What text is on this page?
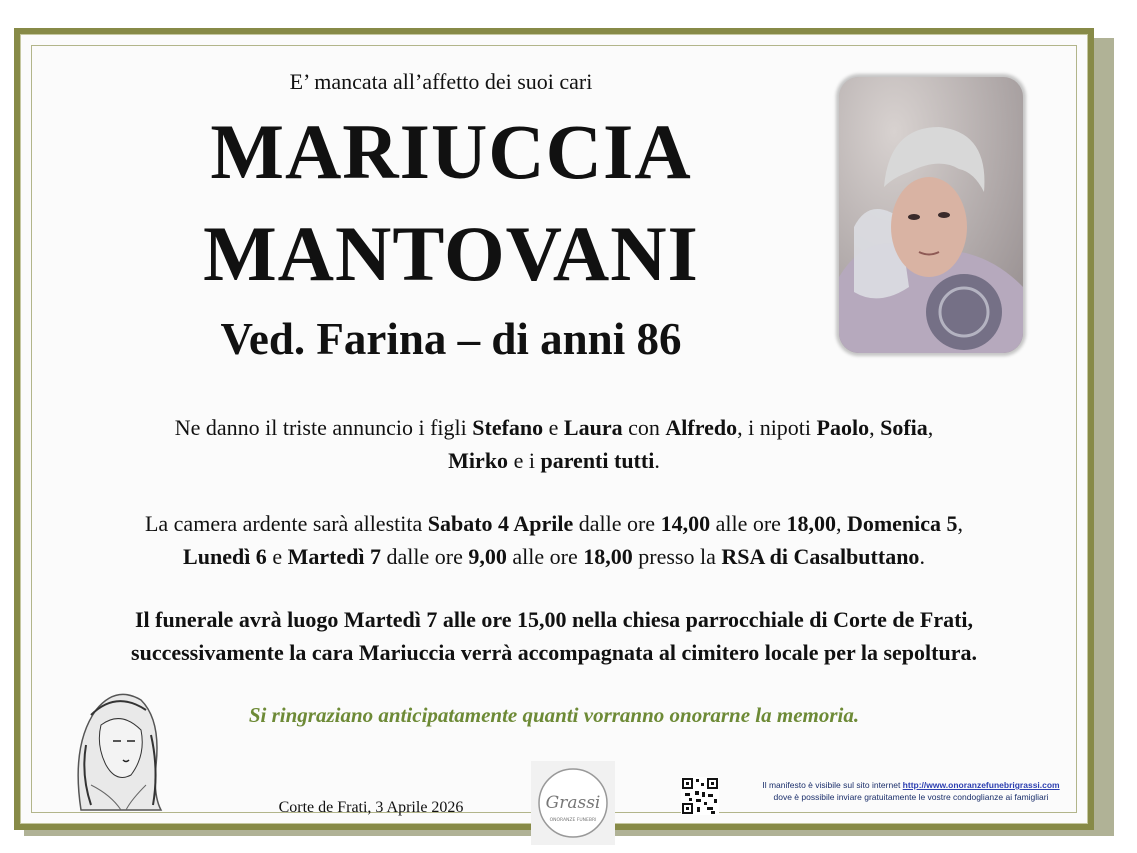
E’ mancata all’affetto dei suoi cari
MARIUCCIA
MANTOVANI
Ved. Farina – di anni 86
Ne danno il triste annuncio i figli Stefano e Laura con Alfredo, i nipoti Paolo, Sofia,
Mirko e i parenti tutti.
La camera ardente sarà allestita Sabato 4 Aprile dalle ore 14,00 alle ore 18,00, Domenica 5,
Lunedì 6 e Martedì 7 dalle ore 9,00 alle ore 18,00 presso la RSA di Casalbuttano.
Il funerale avrà luogo Martedì 7 alle ore 15,00 nella chiesa parrocchiale di Corte de Frati,
successivamente la cara Mariuccia verrà accompagnata al cimitero locale per la sepoltura.
Si ringraziano anticipatamente quanti vorranno onorarne la memoria.
Corte de Frati, 3 Aprile 2026	Grassi
ONORANZE FUNEBRI
Il manifesto è visibile sul sito internet http://www.onoranzefunebrigrassi.com
dove è possibile inviare gratuitamente le vostre condoglianze ai famigliari
